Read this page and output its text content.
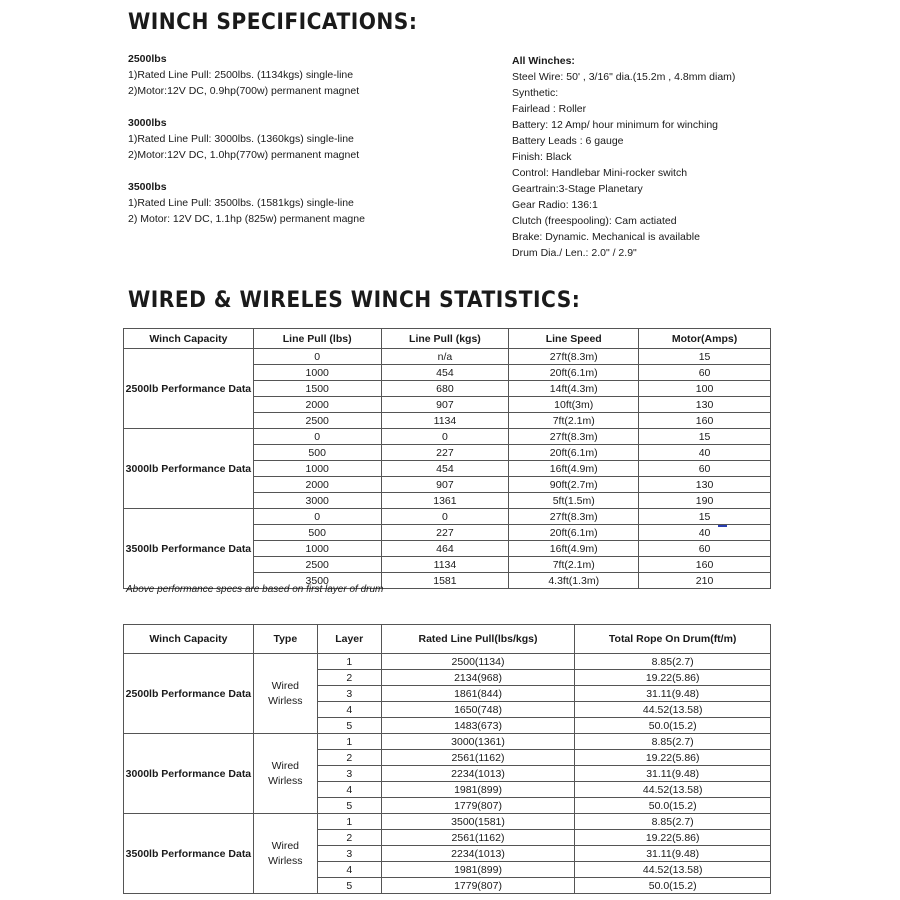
WINCH SPECIFICATIONS:
2500lbs
1)Rated Line Pull: 2500lbs. (1134kgs) single-line
2)Motor:12V DC, 0.9hp(700w) permanent magnet
3000lbs
1)Rated Line Pull: 3000lbs. (1360kgs) single-line
2)Motor:12V DC, 1.0hp(770w) permanent magnet
3500lbs
1)Rated Line Pull: 3500lbs. (1581kgs) single-line
2) Motor: 12V DC, 1.1hp (825w) permanent magne
All Winches:
Steel Wire: 50' , 3/16" dia.(15.2m , 4.8mm diam)
Synthetic:
Fairlead : Roller
Battery: 12 Amp/ hour minimum for winching
Battery Leads : 6 gauge
Finish: Black
Control: Handlebar Mini-rocker switch
Geartrain:3-Stage Planetary
Gear Radio: 136:1
Clutch (freespooling): Cam actiated
Brake: Dynamic. Mechanical is available
Drum Dia./ Len.: 2.0" / 2.9"
WIRED & WIRELES WINCH STATISTICS:
Winch Capacity	Line Pull (lbs)	Line Pull (kgs)	Line Speed	Motor(Amps)
2500lb Performance Data	0	n/a	27ft(8.3m)	15
	1000	454	20ft(6.1m)	60
	1500	680	14ft(4.3m)	100
	2000	907	10ft(3m)	130
	2500	1134	7ft(2.1m)	160
3000lb Performance Data	0	0	27ft(8.3m)	15
	500	227	20ft(6.1m)	40
	1000	454	16ft(4.9m)	60
	2000	907	90ft(2.7m)	130
	3000	1361	5ft(1.5m)	190
3500lb Performance Data	0	0	27ft(8.3m)	15
	500	227	20ft(6.1m)	40
	1000	464	16ft(4.9m)	60
	2500	1134	7ft(2.1m)	160
	3500	1581	4.3ft(1.3m)	210
Above performance specs are based on first layer of drum
Winch Capacity	Type	Layer	Rated Line Pull(lbs/kgs)	Total Rope On Drum(ft/m)
2500lb Performance Data	Wired Wirless	1	2500(1134)	8.85(2.7)
		2	2134(968)	19.22(5.86)
		3	1861(844)	31.11(9.48)
		4	1650(748)	44.52(13.58)
		5	1483(673)	50.0(15.2)
3000lb Performance Data	Wired Wirless	1	3000(1361)	8.85(2.7)
		2	2561(1162)	19.22(5.86)
		3	2234(1013)	31.11(9.48)
		4	1981(899)	44.52(13.58)
		5	1779(807)	50.0(15.2)
3500lb Performance Data	Wired Wirless	1	3500(1581)	8.85(2.7)
		2	2561(1162)	19.22(5.86)
		3	2234(1013)	31.11(9.48)
		4	1981(899)	44.52(13.58)
		5	1779(807)	50.0(15.2)
